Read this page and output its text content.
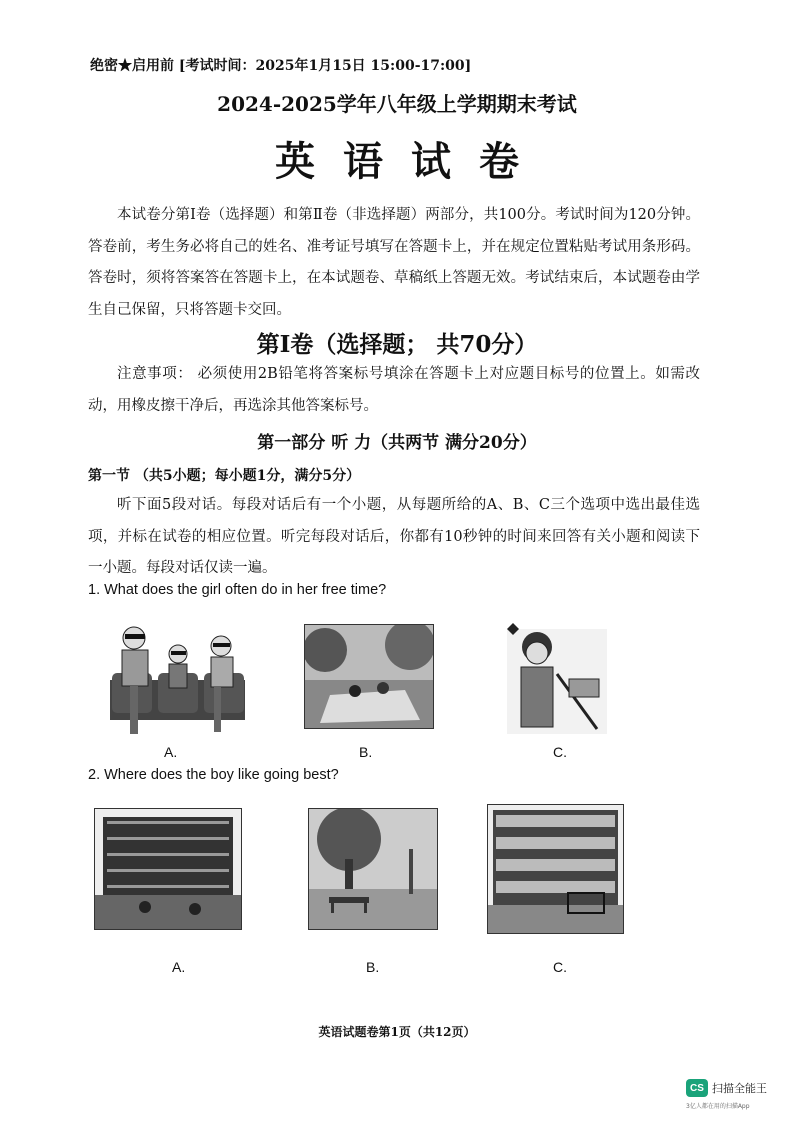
绝密★启用前 [考试时间：2025年1月15日 15:00-17:00]
2024-2025学年八年级上学期期末考试
英语试卷
本试卷分第Ⅰ卷（选择题）和第Ⅱ卷（非选择题）两部分，共100分。考试时间为120分钟。答卷前，考生务必将自己的姓名、准考证号填写在答题卡上，并在规定位置粘贴考试用条形码。答卷时，须将答案答在答题卡上，在本试题卷、草稿纸上答题无效。考试结束后，本试题卷由学生自己保留，只将答题卡交回。
第Ⅰ卷（选择题； 共70分）
注意事项： 必须使用2B铅笔将答案标号填涂在答题卡上对应题目标号的位置上。如需改动，用橡皮擦干净后，再选涂其他答案标号。
第一部分 听 力（共两节 满分20分）
第一节 （共5小题；每小题1分，满分5分）
听下面5段对话。每段对话后有一个小题，从每题所给的A、B、C三个选项中选出最佳选项，并标在试卷的相应位置。听完每段对话后，你都有10秒钟的时间来回答有关小题和阅读下一小题。每段对话仅读一遍。
1. What does the girl often do in her free time?
A.	B.	C.
2. Where does the boy like going best?
A.	B.	C.
英语试题卷第1页（共12页）
CS 扫描全能王
3亿人都在用的扫描App
